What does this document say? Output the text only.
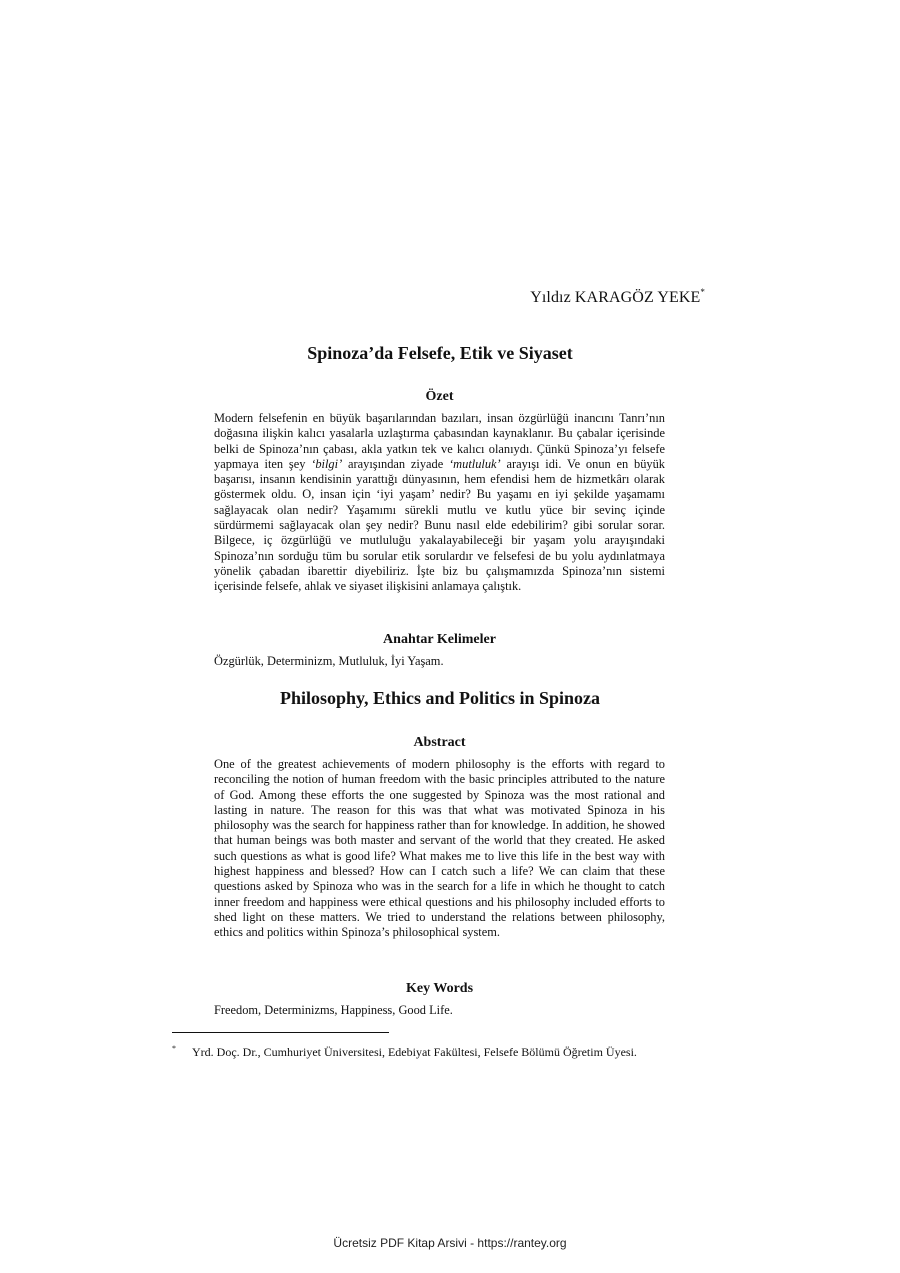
Yıldız KARAGÖZ YEKE*
Spinoza’da Felsefe, Etik ve Siyaset
Özet
Modern felsefenin en büyük başarılarından bazıları, insan özgürlüğü inancını Tanrı’nın doğasına ilişkin kalıcı yasalarla uzlaştırma çabasından kaynaklanır. Bu çabalar içerisinde belki de Spinoza’nın çabası, akla yatkın tek ve kalıcı olanıydı. Çünkü Spinoza’yı felsefe yapmaya iten şey ‘bilgi’ arayışından ziyade ‘mutluluk’ arayışı idi. Ve onun en büyük başarısı, insanın kendisinin yarattığı dünyasının, hem efendisi hem de hizmetkârı olarak göstermek oldu. O, insan için ‘iyi yaşam’ nedir? Bu yaşamı en iyi şekilde yaşamamı sağlayacak olan nedir? Yaşamımı sürekli mutlu ve kutlu yüce bir sevinç içinde sürdürmemi sağlayacak olan şey nedir? Bunu nasıl elde edebilirim? gibi sorular sorar. Bilgece, iç özgürlüğü ve mutluluğu yakalayabileceği bir yaşam yolu arayışındaki Spinoza’nın sorduğu tüm bu sorular etik sorulardır ve felsefesi de bu yolu aydınlatmaya yönelik çabadan ibarettir diyebiliriz. İşte biz bu çalışmamızda Spinoza’nın sistemi içerisinde felsefe, ahlak ve siyaset ilişkisini anlamaya çalıştık.
Anahtar Kelimeler
Özgürlük, Determinizm, Mutluluk, İyi Yaşam.
Philosophy, Ethics and Politics in Spinoza
Abstract
One of the greatest achievements of modern philosophy is the efforts with regard to reconciling the notion of human freedom with the basic principles attributed to the nature of God. Among these efforts the one suggested by Spinoza was the most rational and lasting in nature. The reason for this was that what was motivated Spinoza in his philosophy was the search for happiness rather than for knowledge. In addition, he showed that human beings was both master and servant of the world that they created. He asked such questions as what is good life? What makes me to live this life in the best way with highest happiness and blessed? How can I catch such a life? We can claim that these questions asked by Spinoza who was in the search for a life in which he thought to catch inner freedom and happiness were ethical questions and his philosophy included efforts to shed light on these matters. We tried to understand the relations between philosophy, ethics and politics within Spinoza’s philosophical system.
Key Words
Freedom, Determinizms, Happiness, Good Life.
* Yrd. Doç. Dr., Cumhuriyet Üniversitesi, Edebiyat Fakültesi, Felsefe Bölümü Öğretim Üyesi.
Ücretsiz PDF Kitap Arsivi - https://rantey.org
